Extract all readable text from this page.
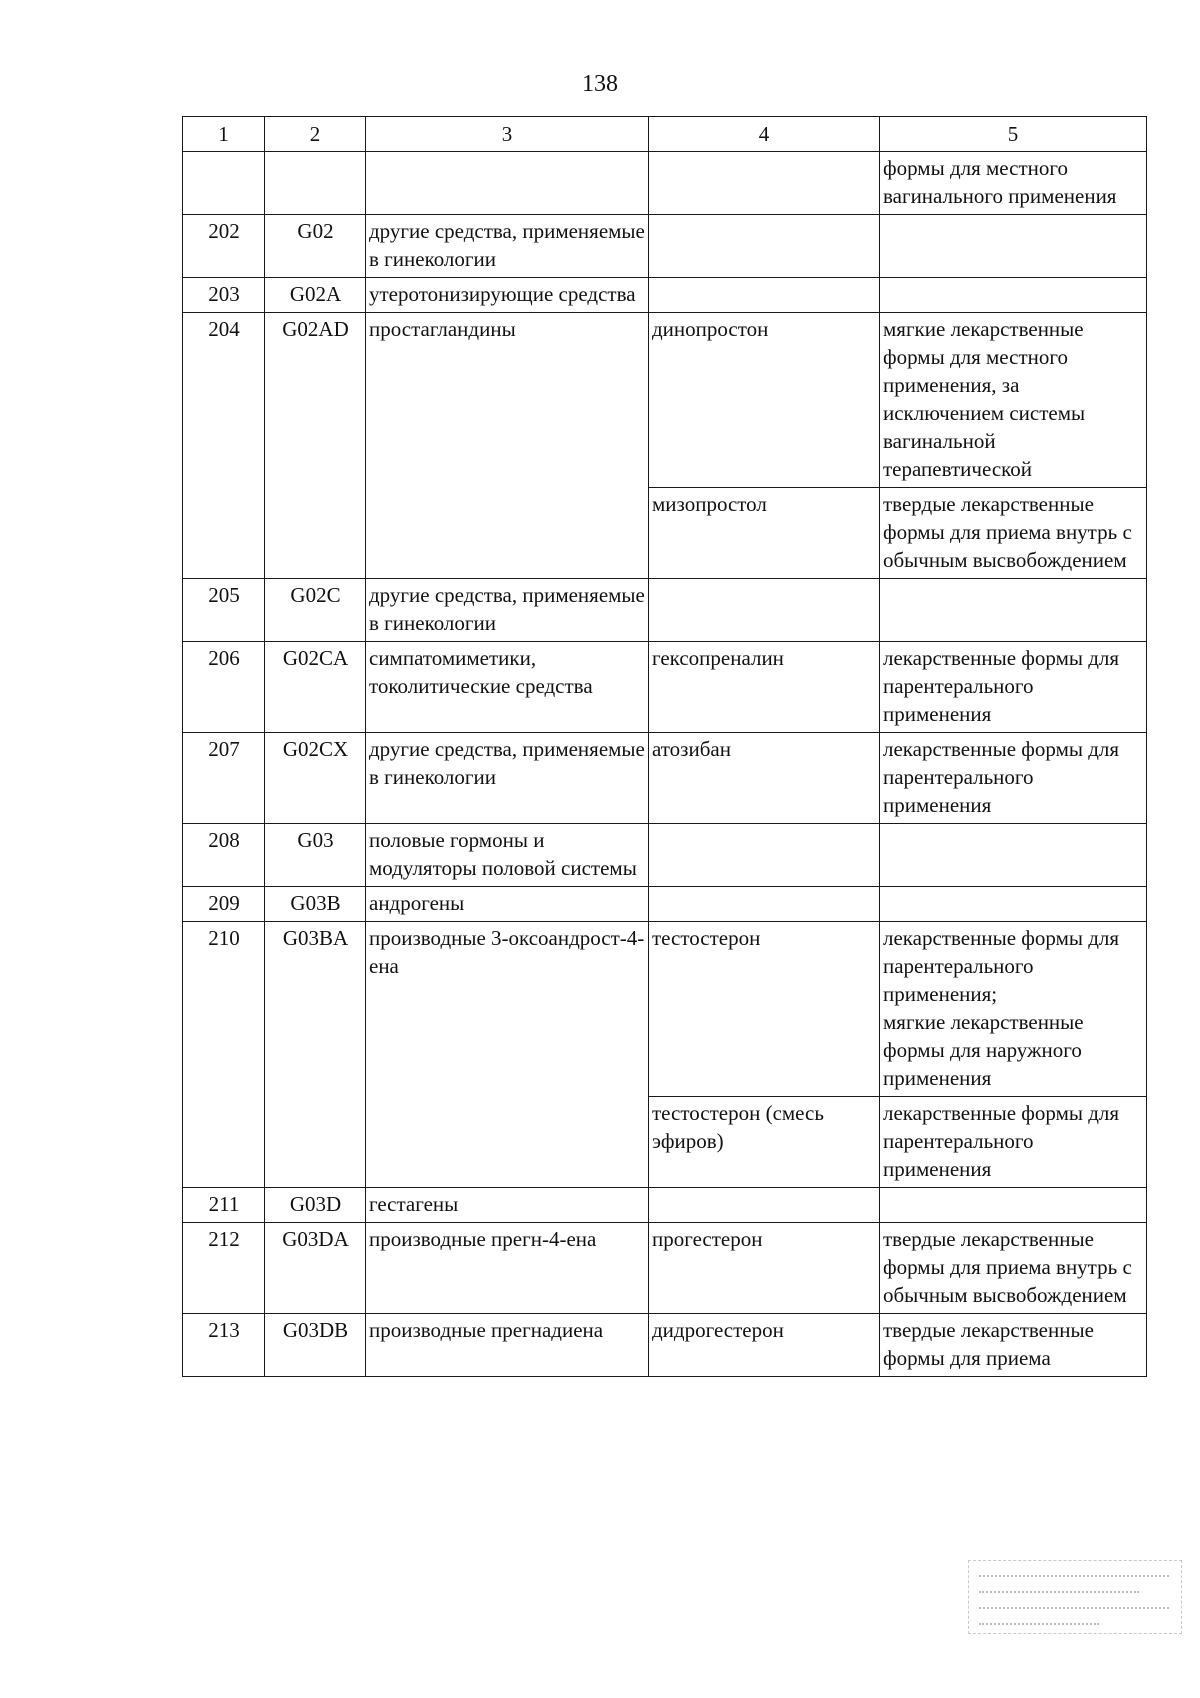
138
1	2	3	4	5
				формы для местного вагинального применения
202	G02	другие средства, применяемые в гинекологии		
203	G02A	утеротонизирующие средства		
204	G02AD	простагландины	динопростон	мягкие лекарственные формы для местного применения, за исключением системы вагинальной терапевтической
			мизопростол	твердые лекарственные формы для приема внутрь с обычным высвобождением
205	G02C	другие средства, применяемые в гинекологии		
206	G02CA	симпатомиметики, токолитические средства	гексопреналин	лекарственные формы для парентерального применения
207	G02CX	другие средства, применяемые в гинекологии	атозибан	лекарственные формы для парентерального применения
208	G03	половые гормоны и модуляторы половой системы		
209	G03B	андрогены		
210	G03BA	производные 3-оксоандрост-4-ена	тестостерон	лекарственные формы для парентерального применения;
мягкие лекарственные формы для наружного применения
			тестостерон (смесь эфиров)	лекарственные формы для парентерального применения
211	G03D	гестагены		
212	G03DA	производные прегн-4-ена	прогестерон	твердые лекарственные формы для приема внутрь с обычным высвобождением
213	G03DB	производные прегнадиена	дидрогестерон	твердые лекарственные формы для приема
